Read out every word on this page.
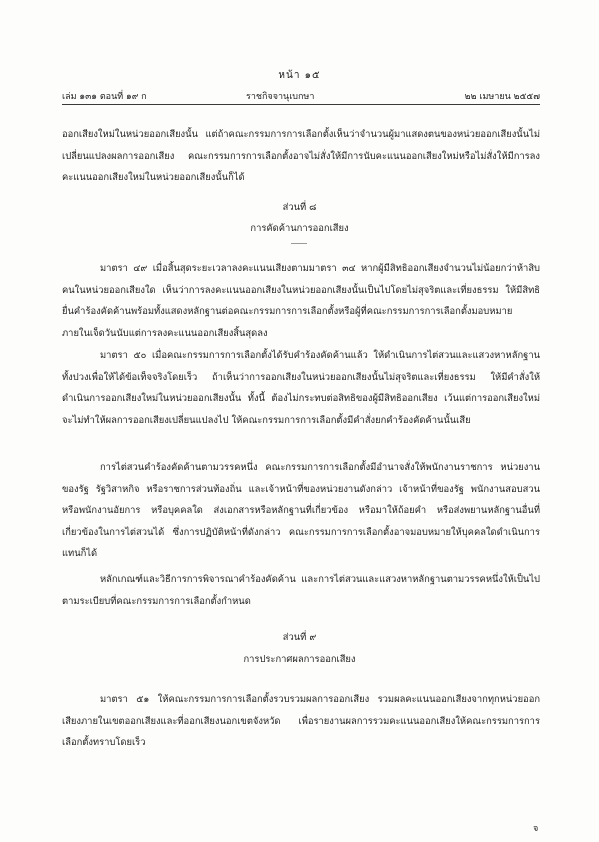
หน้า ๑๕
เล่ม ๑๓๑ ตอนที่ ๑๙ ก	ราชกิจจานุเบกษา	๒๒ เมษายน ๒๕๕๗

ออกเสียงใหม่ในหน่วยออกเสียงนั้น แต่ถ้าคณะกรรมการการเลือกตั้งเห็นว่าจำนวนผู้มาแสดงตนของหน่วยออกเสียงนั้นไม่เปลี่ยนแปลงผลการออกเสียง คณะกรรมการการเลือกตั้งอาจไม่สั่งให้มีการนับคะแนนออกเสียงใหม่หรือไม่สั่งให้มีการลงคะแนนออกเสียงใหม่ในหน่วยออกเสียงนั้นก็ได้

ส่วนที่ ๘

การคัดค้านการออกเสียง

มาตรา ๔๙ เมื่อสิ้นสุดระยะเวลาลงคะแนนเสียงตามมาตรา ๓๔ หากผู้มีสิทธิออกเสียงจำนวนไม่น้อยกว่าห้าสิบคนในหน่วยออกเสียงใด เห็นว่าการลงคะแนนออกเสียงในหน่วยออกเสียงนั้นเป็นไปโดยไม่สุจริตและเที่ยงธรรม ให้มีสิทธิยื่นคำร้องคัดค้านพร้อมทั้งแสดงหลักฐานต่อคณะกรรมการการเลือกตั้งหรือผู้ที่คณะกรรมการการเลือกตั้งมอบหมาย ภายในเจ็ดวันนับแต่การลงคะแนนออกเสียงสิ้นสุดลง

มาตรา ๕๐ เมื่อคณะกรรมการการเลือกตั้งได้รับคำร้องคัดค้านแล้ว ให้ดำเนินการไต่สวนและแสวงหาหลักฐานทั้งปวงเพื่อให้ได้ข้อเท็จจริงโดยเร็ว ถ้าเห็นว่าการออกเสียงในหน่วยออกเสียงนั้นไม่สุจริตและเที่ยงธรรม ให้มีคำสั่งให้ดำเนินการออกเสียงใหม่ในหน่วยออกเสียงนั้น ทั้งนี้ ต้องไม่กระทบต่อสิทธิของผู้มีสิทธิออกเสียง เว้นแต่การออกเสียงใหม่จะไม่ทำให้ผลการออกเสียงเปลี่ยนแปลงไป ให้คณะกรรมการการเลือกตั้งมีคำสั่งยกคำร้องคัดค้านนั้นเสีย

การไต่สวนคำร้องคัดค้านตามวรรคหนึ่ง คณะกรรมการการเลือกตั้งมีอำนาจสั่งให้พนักงานราชการ หน่วยงานของรัฐ รัฐวิสาหกิจ หรือราชการส่วนท้องถิ่น และเจ้าหน้าที่ของหน่วยงานดังกล่าว เจ้าหน้าที่ของรัฐ พนักงานสอบสวน หรือพนักงานอัยการ หรือบุคคลใด ส่งเอกสารหรือหลักฐานที่เกี่ยวข้อง หรือมาให้ถ้อยคำ หรือส่งพยานหลักฐานอื่นที่เกี่ยวข้องในการไต่สวนได้ ซึ่งการปฏิบัติหน้าที่ดังกล่าว คณะกรรมการการเลือกตั้งอาจมอบหมายให้บุคคลใดดำเนินการแทนก็ได้

หลักเกณฑ์และวิธีการการพิจารณาคำร้องคัดค้าน และการไต่สวนและแสวงหาหลักฐานตามวรรคหนึ่งให้เป็นไปตามระเบียบที่คณะกรรมการการเลือกตั้งกำหนด

ส่วนที่ ๙

การประกาศผลการออกเสียง

มาตรา ๕๑ ให้คณะกรรมการการเลือกตั้งรวบรวมผลการออกเสียง รวมผลคะแนนออกเสียงจากทุกหน่วยออกเสียงภายในเขตออกเสียงและที่ออกเสียงนอกเขตจังหวัด เพื่อรายงานผลการรวมคะแนนออกเสียงให้คณะกรรมการการเลือกตั้งทราบโดยเร็ว

จ
